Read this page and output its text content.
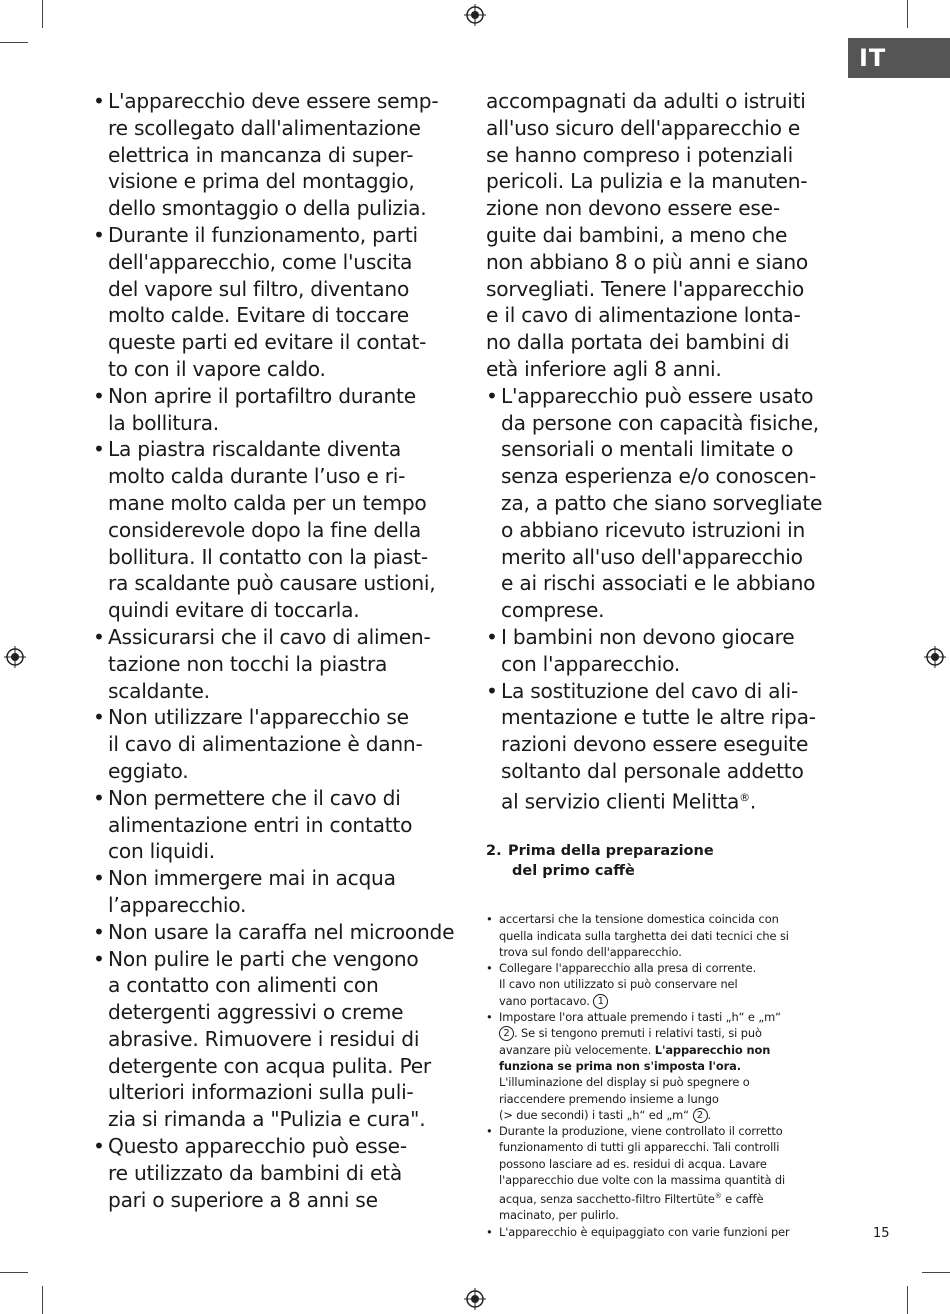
IT
• L'apparecchio deve essere semp-
re scollegato dall'alimentazione
elettrica in mancanza di super-
visione e prima del montaggio,
dello smontaggio o della pulizia.
• Durante il funzionamento, parti
dell'apparecchio, come l'uscita
del vapore sul filtro, diventano
molto calde. Evitare di toccare
queste parti ed evitare il contat-
to con il vapore caldo.
• Non aprire il portafiltro durante
la bollitura.
• La piastra riscaldante diventa
molto calda durante l’uso e ri-
mane molto calda per un tempo
considerevole dopo la fine della
bollitura. Il contatto con la piast-
ra scaldante può causare ustioni,
quindi evitare di toccarla.
• Assicurarsi che il cavo di alimen-
tazione non tocchi la piastra
scaldante.
• Non utilizzare l'apparecchio se
il cavo di alimentazione è dann-
eggiato.
• Non permettere che il cavo di
alimentazione entri in contatto
con liquidi.
• Non immergere mai in acqua
l’apparecchio.
• Non usare la caraffa nel microonde
• Non pulire le parti che vengono
a contatto con alimenti con
detergenti aggressivi o creme
abrasive. Rimuovere i residui di
detergente con acqua pulita. Per
ulteriori informazioni sulla puli-
zia si rimanda a "Pulizia e cura".
• Questo apparecchio può esse-
re utilizzato da bambini di età
pari o superiore a 8 anni se
accompagnati da adulti o istruiti
all'uso sicuro dell'apparecchio e
se hanno compreso i potenziali
pericoli. La pulizia e la manuten-
zione non devono essere ese-
guite dai bambini, a meno che
non abbiano 8 o più anni e siano
sorvegliati. Tenere l'apparecchio
e il cavo di alimentazione lonta-
no dalla portata dei bambini di
età inferiore agli 8 anni.
• L'apparecchio può essere usato
da persone con capacità fisiche,
sensoriali o mentali limitate o
senza esperienza e/o conoscen-
za, a patto che siano sorvegliate
o abbiano ricevuto istruzioni in
merito all'uso dell'apparecchio
e ai rischi associati e le abbiano
comprese.
• I bambini non devono giocare
con l'apparecchio.
• La sostituzione del cavo di ali-
mentazione e tutte le altre ripa-
razioni devono essere eseguite
soltanto dal personale addetto
al servizio clienti Melitta®.
2. Prima della preparazione
del primo caffè
• accertarsi che la tensione domestica coincida con
quella indicata sulla targhetta dei dati tecnici che si
trova sul fondo dell'apparecchio.
• Collegare l'apparecchio alla presa di corrente.
Il cavo non utilizzato si può conservare nel
vano portacavo. 1
• Impostare l'ora attuale premendo i tasti „h“ e „m“
2 . Se si tengono premuti i relativi tasti, si può
avanzare più velocemente. L'apparecchio non
funziona se prima non s'imposta l'ora.
L'illuminazione del display si può spegnere o
riaccendere premendo insieme a lungo
(> due secondi) i tasti „h“ ed „m“ 2 .
• Durante la produzione, viene controllato il corretto
funzionamento di tutti gli apparecchi. Tali controlli
possono lasciare ad es. residui di acqua. Lavare
l'apparecchio due volte con la massima quantità di
acqua, senza sacchetto-filtro Filtertüte® e caffè
macinato, per pulirlo.
• L'apparecchio è equipaggiato con varie funzioni per	15
